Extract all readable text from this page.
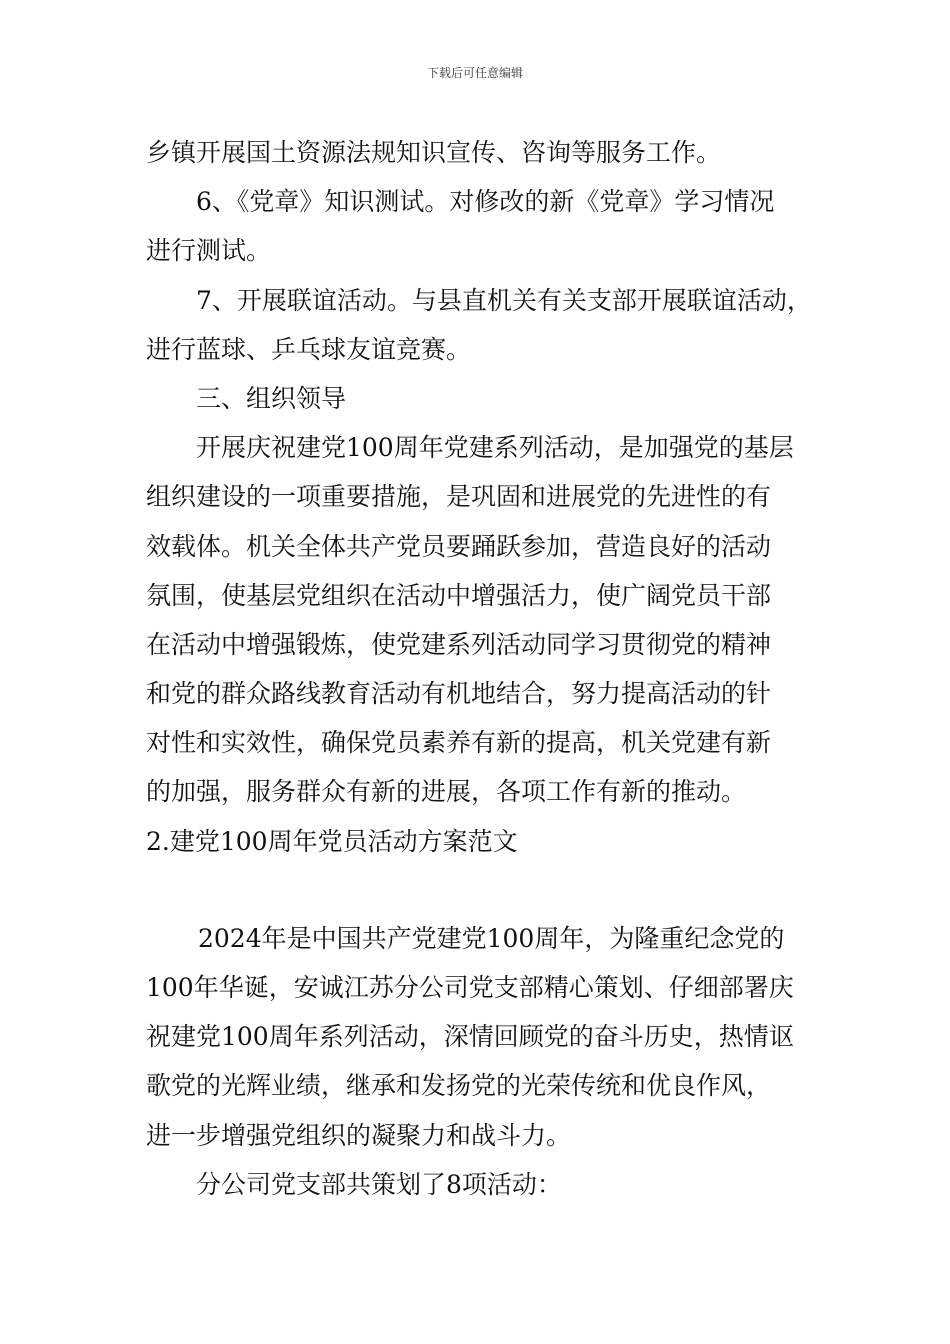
下载后可任意编辑
乡镇开展国土资源法规知识宣传、咨询等服务工作。
6、《党章》知识测试。对修改的新《党章》学习情况
进行测试。
7、开展联谊活动。与县直机关有关支部开展联谊活动，
进行蓝球、乒乓球友谊竞赛。
三、组织领导
开展庆祝建党100周年党建系列活动，是加强党的基层
组织建设的一项重要措施，是巩固和进展党的先进性的有
效载体。机关全体共产党员要踊跃参加，营造良好的活动
氛围，使基层党组织在活动中增强活力，使广阔党员干部
在活动中增强锻炼，使党建系列活动同学习贯彻党的精神
和党的群众路线教育活动有机地结合，努力提高活动的针
对性和实效性，确保党员素养有新的提高，机关党建有新
的加强，服务群众有新的进展，各项工作有新的推动。
2.建党100周年党员活动方案范文
2024年是中国共产党建党100周年，为隆重纪念党的
100年华诞，安诚江苏分公司党支部精心策划、仔细部署庆
祝建党100周年系列活动，深情回顾党的奋斗历史，热情讴
歌党的光辉业绩，继承和发扬党的光荣传统和优良作风，
进一步增强党组织的凝聚力和战斗力。
分公司党支部共策划了8项活动：
